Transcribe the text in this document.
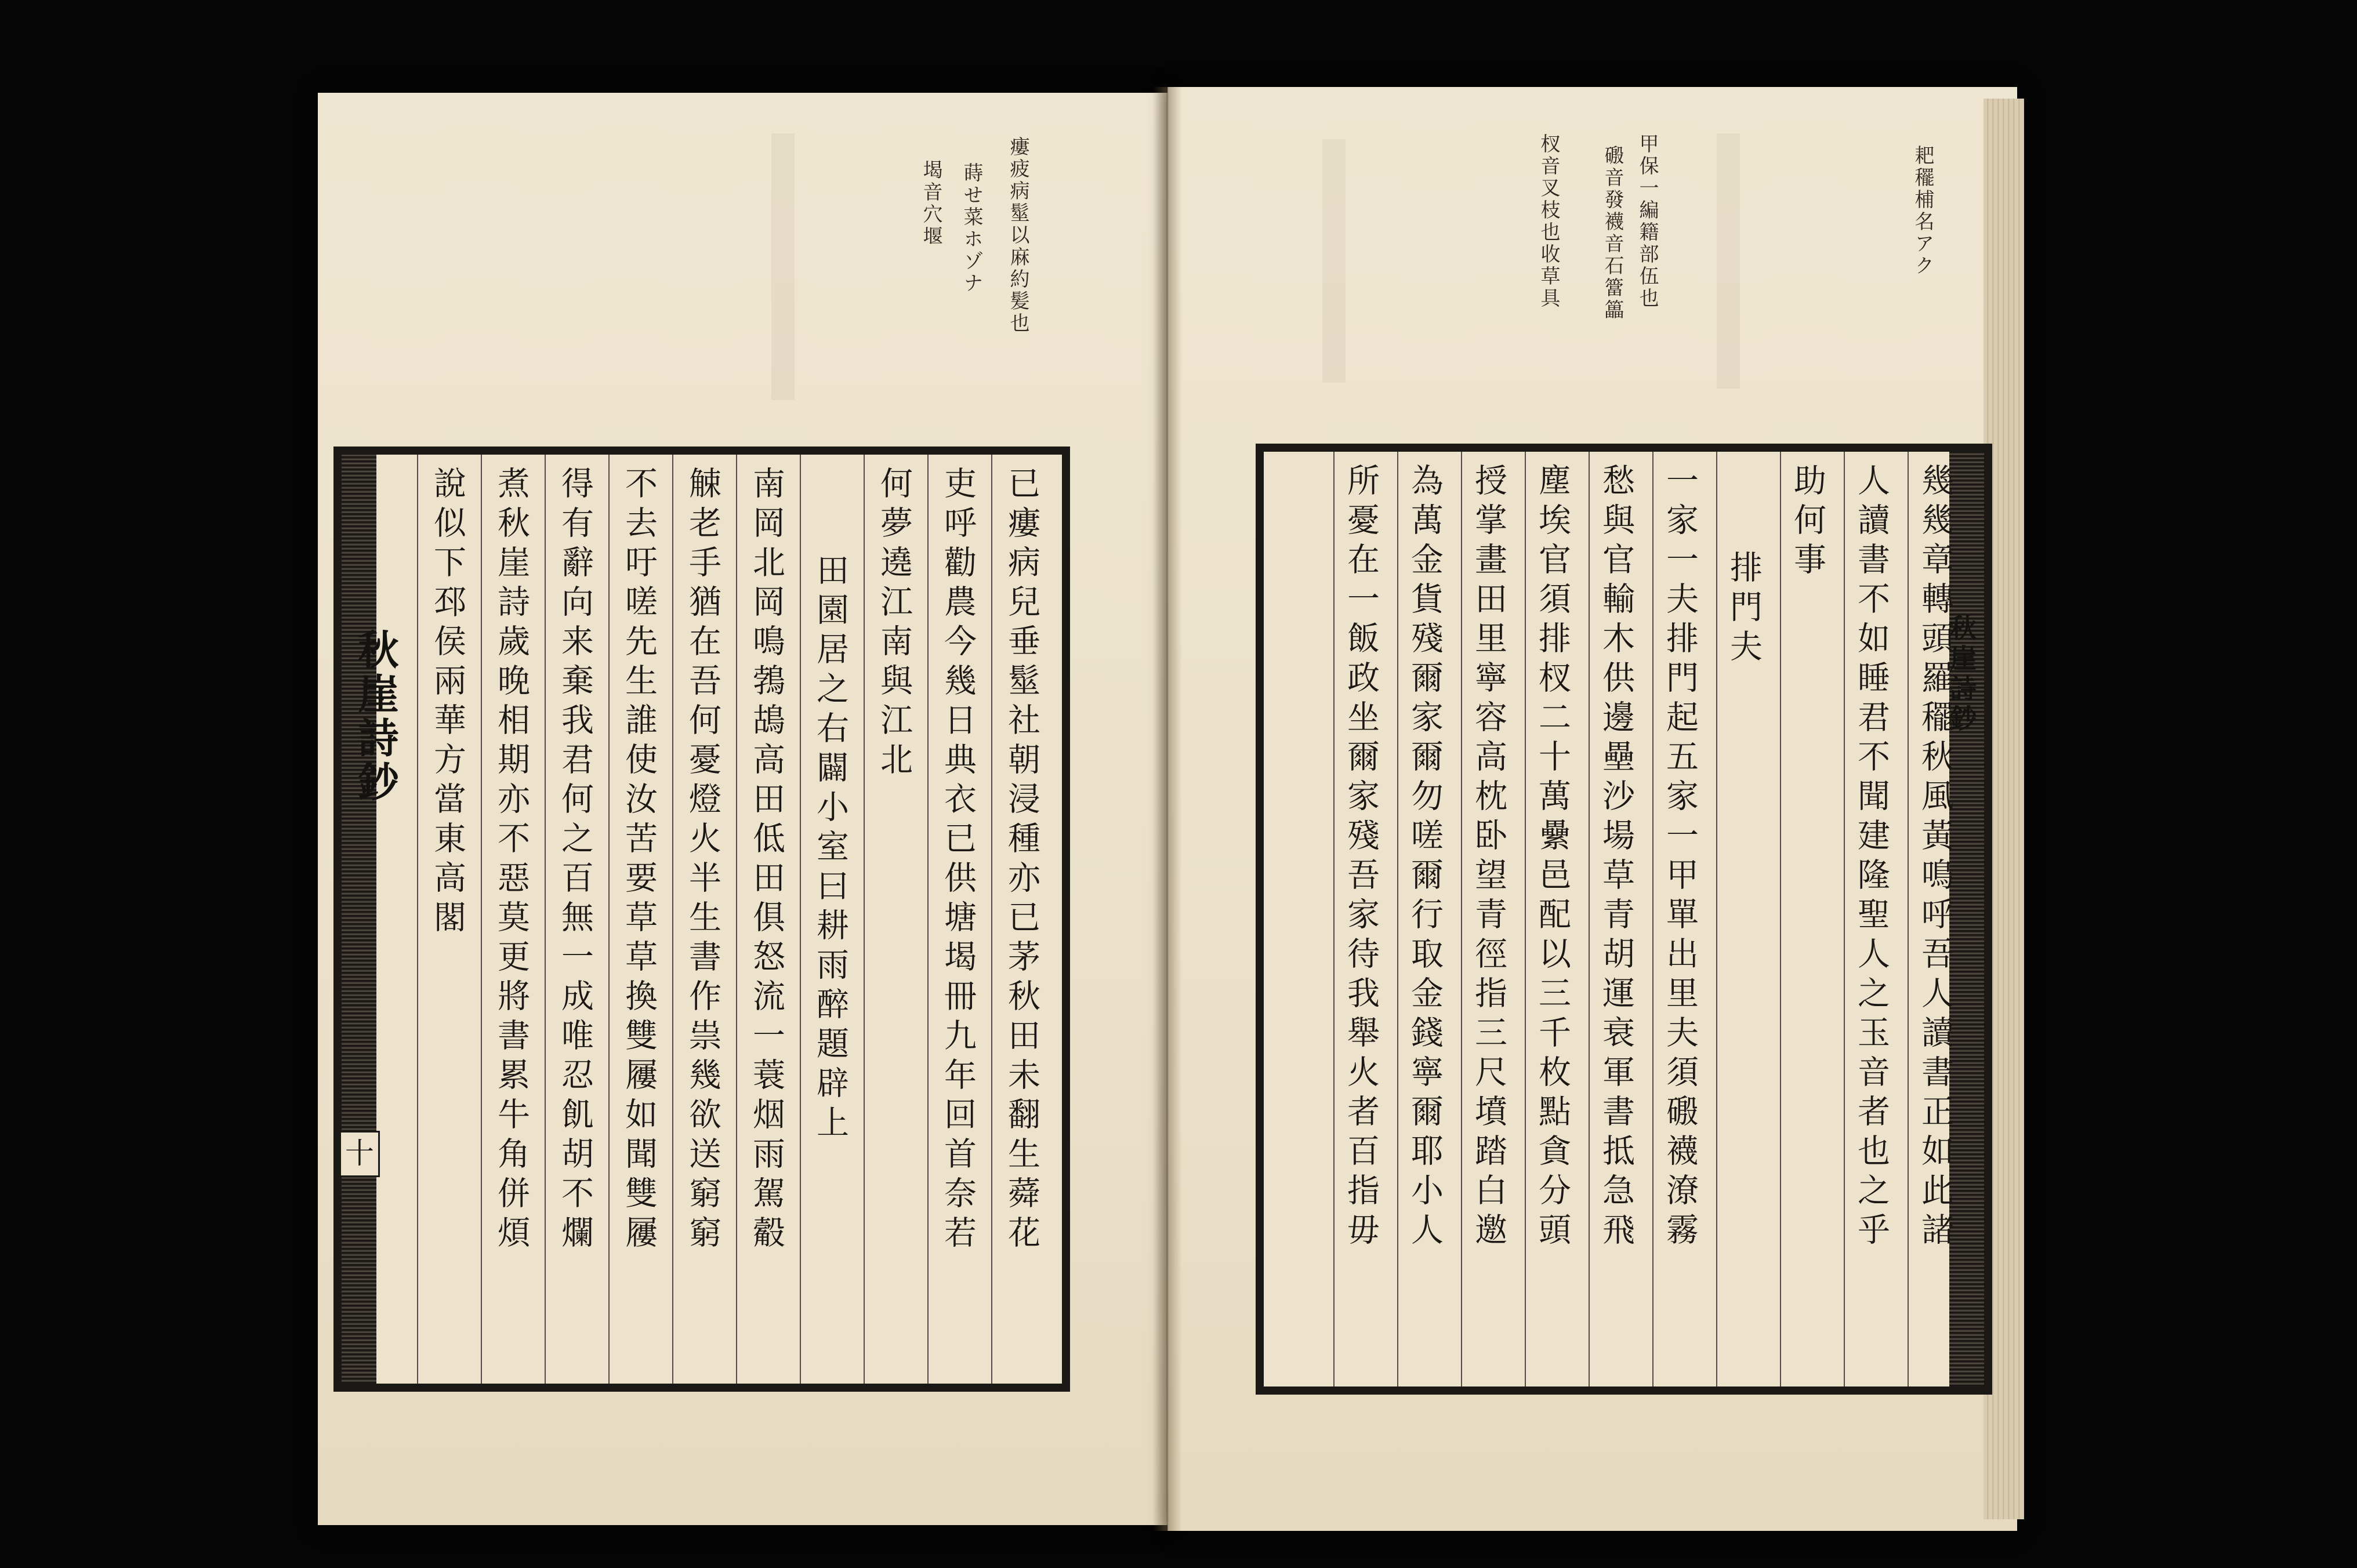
瘻疲病髽以麻約髪也
蒔せ菜ホゾナ
堨音穴堰	耙䆉㭪名アク
甲保一編籍部伍也
磤音發襪音石簹䉪
杈音叉枝也收草具
秋崖詩鈔	已瘻病兒垂髽社朝浸種亦已茅秋田未翻生蕣花
吏呼勸農今幾日典衣已供塘堨冊九年回首奈若
何夢遶江南與江北
田園居之右闢小室曰耕雨醉題辟上
南岡北岡鳴鵓鴣高田低田俱怒流一蓑烟雨駕觳
觫老手猶在吾何憂燈火半生書作祟幾欲送窮窮
不去吁嗟先生誰使汝苦要草草換雙屨如聞雙屨
得有辭向来棄我君何之百無一成唯忍飢胡不爛
煮秋崖詩歲晚相期亦不惡莫更將書累牛角併煩
說似下邳侯兩華方當東高閣
十
秋崖詩鈔
幾幾章轉頭羅䆉秋風黃鳴呼吾人讀書正如此諸
人讀書不如睡君不聞建隆聖人之玉音者也之乎
助何事
排門夫
一家一夫排門起五家一甲單出里夫須磤襪潦霧
愁與官輸木供邊壘沙場草青胡運衰軍書抵急飛
塵埃官須排杈二十萬纍邑配以三千枚點貪分頭
授掌畫田里寧容高枕卧望青徑指三尺墳踏白邀
為萬金貨殘爾家爾勿嗟爾行取金錢寧爾耶小人
所憂在一飯政坐爾家殘吾家待我舉火者百指毋
